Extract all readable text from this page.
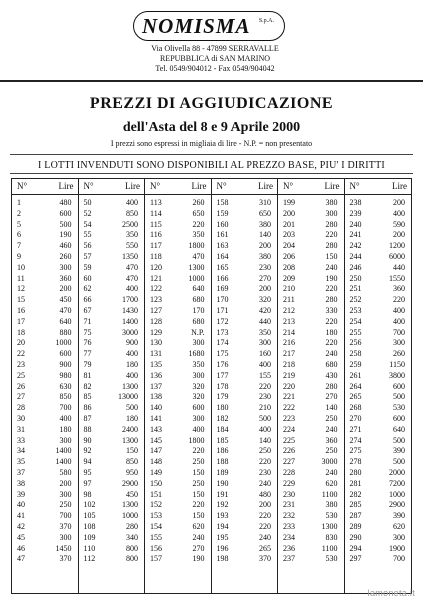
NOMISMA S.p.A.
Via Olivella 88 - 47899 SERRAVALLE
REPUBBLICA di SAN MARINO
Tel. 0549/904012 - Fax 0549/904042
PREZZI DI AGGIUDICAZIONE
dell'Asta del 8 e 9 Aprile 2000
I prezzi sono espressi in migliaia di lire - N.P. = non presentato
I LOTTI INVENDUTI SONO DISPONIBILI AL PREZZO BASE, PIU' I DIRITTI
N°	Lire
1	480
2	600
5	500
6	190
7	460
9	260
10	300
11	360
12	200
15	450
16	470
17	640
18	880
20	1000
22	600
23	900
25	980
26	630
27	850
28	700
30	400
31	180
33	300
34	1400
35	1400
37	580
38	200
39	300
40	250
41	700
42	370
45	300
46	1450
47	370
N°	Lire
50	400
52	850
54	2500
55	350
56	550
57	1350
59	470
60	470
62	400
66	1700
67	1430
71	1400
75	3000
76	900
77	400
79	180
81	400
82	1300
85	13000
86	500
87	180
88	2400
90	1300
92	150
94	850
95	950
97	2900
98	450
102	1300
105	1000
108	280
109	340
110	800
112	800
N°	Lire
113	260
114	650
115	220
116	350
117	1800
118	470
120	1300
121	1000
122	640
123	680
127	170
128	680
129	N.P.
130	300
131	1680
135	350
136	300
137	320
138	320
140	600
141	300
143	400
145	1800
147	220
148	250
149	150
150	250
151	150
152	220
153	150
154	620
155	240
156	270
157	190
N°	Lire
158	310
159	650
160	380
161	140
163	200
164	380
165	230
166	270
169	200
170	320
171	420
172	440
173	350
174	300
175	160
176	400
177	155
178	220
179	230
180	210
182	500
184	400
185	140
186	250
188	220
189	230
190	240
191	480
192	200
193	220
194	220
195	240
196	265
198	370
N°	Lire
199	380
200	300
201	280
203	220
204	280
206	150
208	240
209	190
210	220
211	280
212	330
213	220
214	180
216	220
217	240
218	680
219	430
220	280
221	270
222	140
223	250
224	240
225	360
226	250
227	3000
228	240
229	620
230	1100
231	380
232	530
233	1300
234	830
236	1100
237	530
N°	Lire
238	200
239	400
240	590
241	200
242	1200
244	6000
246	440
250	1550
251	360
252	220
253	400
254	400
255	700
256	300
258	260
259	1150
261	3800
264	600
265	500
268	530
270	600
271	640
274	500
275	390
278	500
280	2000
281	7200
282	1000
285	2900
287	390
289	620
290	300
294	1900
297	700
lamoneta.it
